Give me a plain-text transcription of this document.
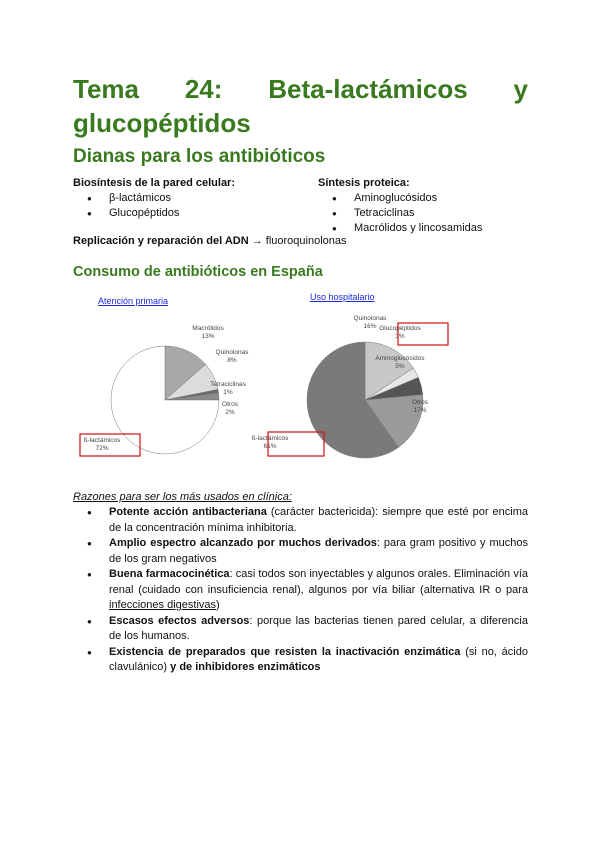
Tema 24: Beta-lactámicos y
glucopéptidos
Dianas para los antibióticos
Biosíntesis de la pared celular:
● β-lactámicos
● Glucopéptidos
Síntesis proteica:
● Aminoglucósidos
● Tetraciclinas
● Macrólidos y lincosamidas
Replicación y reparación del ADN → fluoroquinolonas
Consumo de antibióticos en España
Atención primaria	Uso hospitalario
ß-lactámicos
72%
Macrólidos
13%
Quinolonas
8%
Tetraciclinas
1%
Otros
2%
ß-lactámicos
61%
Quinolonas
16% Glucopéptidos
3%
Aminoglucósidos
5%
Otros
17%
Razones para ser los más usados en clínica:
● Potente acción antibacteriana (carácter bactericida): siempre que esté por encima de la concentración mínima inhibitoria.
● Amplio espectro alcanzado por muchos derivados: para gram positivo y muchos de los gram negativos
● Buena farmacocinética: casi todos son inyectables y algunos orales. Eliminación vía renal (cuidado con insuficiencia renal), algunos por vía biliar (alternativa IR o para infecciones digestivas)
● Escasos efectos adversos: porque las bacterias tienen pared celular, a diferencia de los humanos.
● Existencia de preparados que resisten la inactivación enzimática (si no, ácido clavulánico) y de inhibidores enzimáticos
